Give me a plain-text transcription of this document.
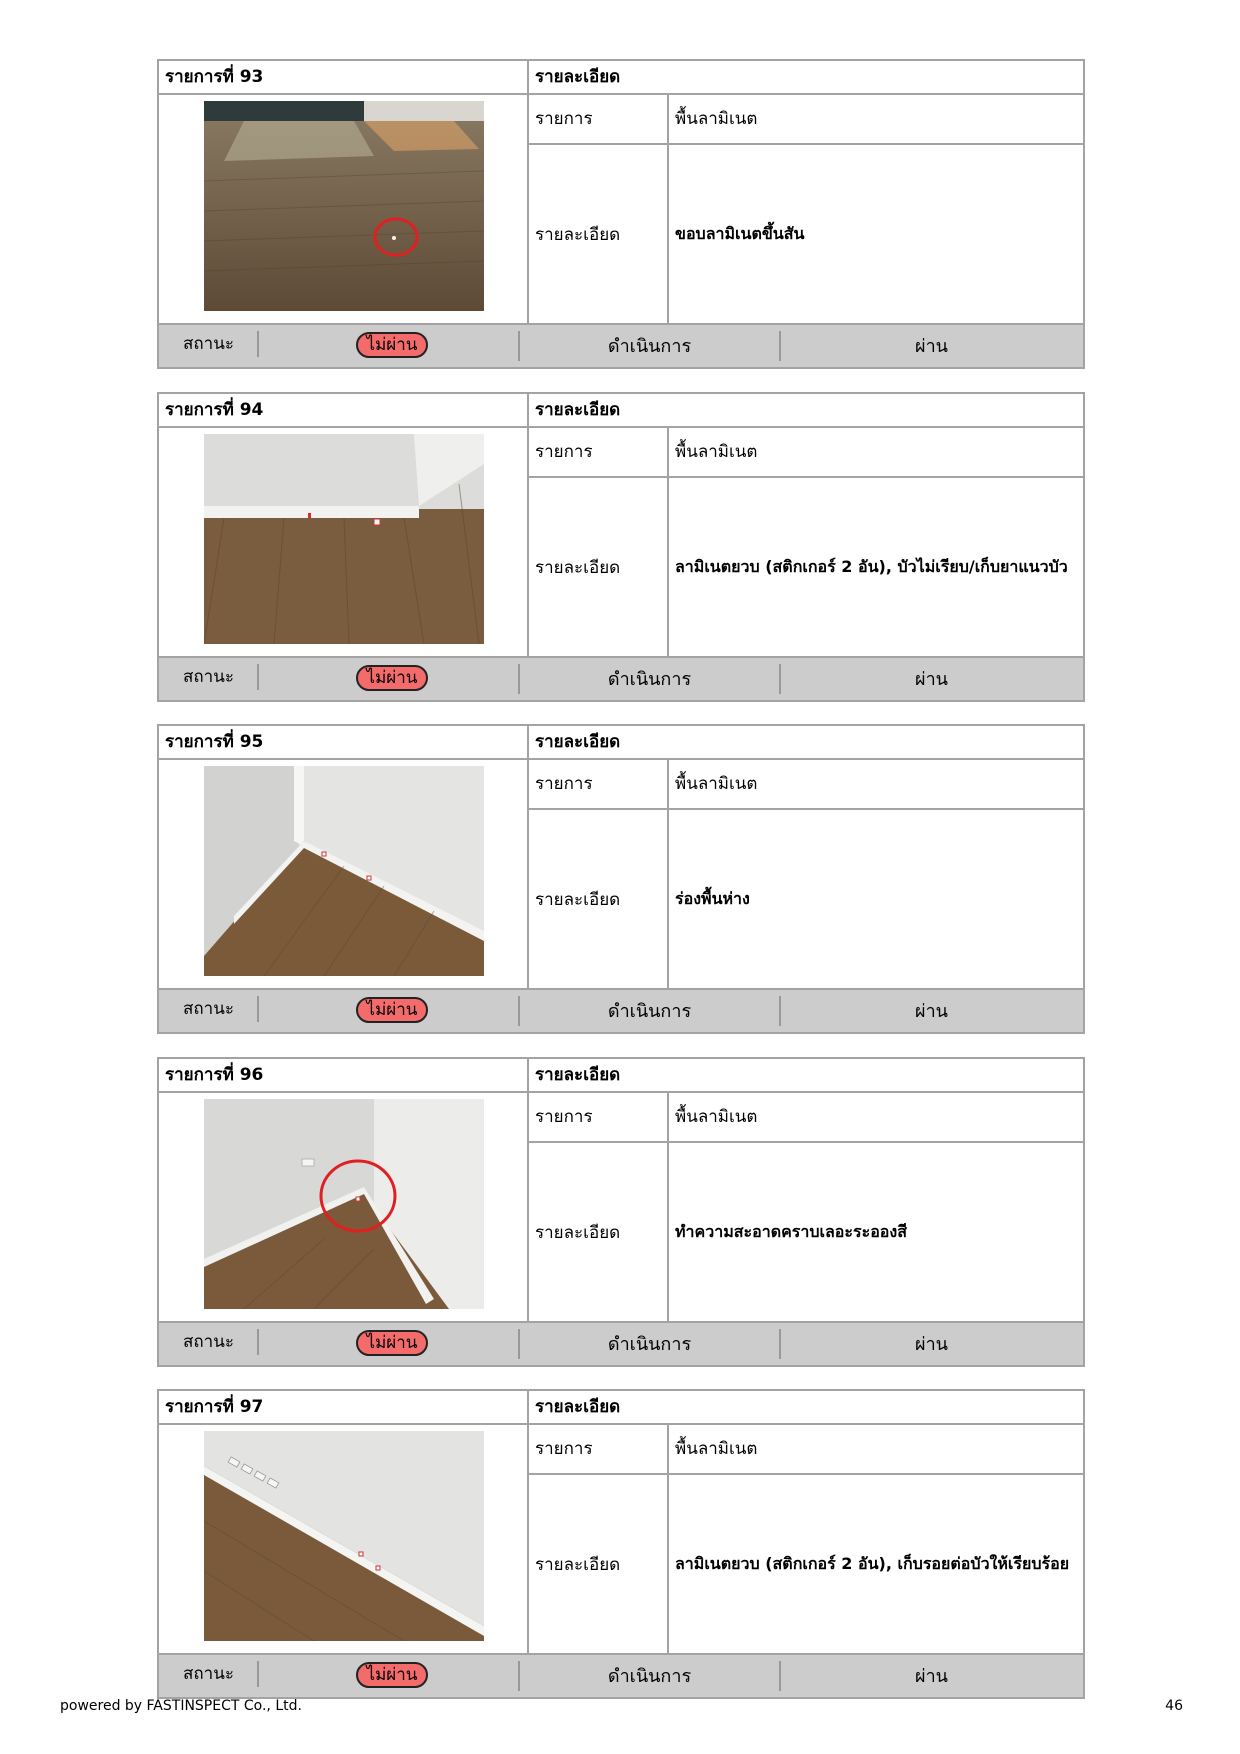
รายการที่ 93	รายละเอียด
รายการ	พื้นลามิเนต
รายละเอียด	ขอบลามิเนตขึ้นสัน
สถานะ	ไม่ผ่าน	ดำเนินการ	ผ่าน
รายการที่ 94	รายละเอียด
รายการ	พื้นลามิเนต
รายละเอียด	ลามิเนตยวบ (สติกเกอร์ 2 อัน), บัวไม่เรียบ/เก็บยาแนวบัว
สถานะ	ไม่ผ่าน	ดำเนินการ	ผ่าน
รายการที่ 95	รายละเอียด
รายการ	พื้นลามิเนต
รายละเอียด	ร่องพื้นห่าง
สถานะ	ไม่ผ่าน	ดำเนินการ	ผ่าน
รายการที่ 96	รายละเอียด
รายการ	พื้นลามิเนต
รายละเอียด	ทำความสะอาดคราบเลอะระอองสี
สถานะ	ไม่ผ่าน	ดำเนินการ	ผ่าน
รายการที่ 97	รายละเอียด
รายการ	พื้นลามิเนต
รายละเอียด	ลามิเนตยวบ (สติกเกอร์ 2 อัน), เก็บรอยต่อบัวให้เรียบร้อย
สถานะ	ไม่ผ่าน	ดำเนินการ	ผ่าน
powered by FASTINSPECT Co., Ltd.	46
